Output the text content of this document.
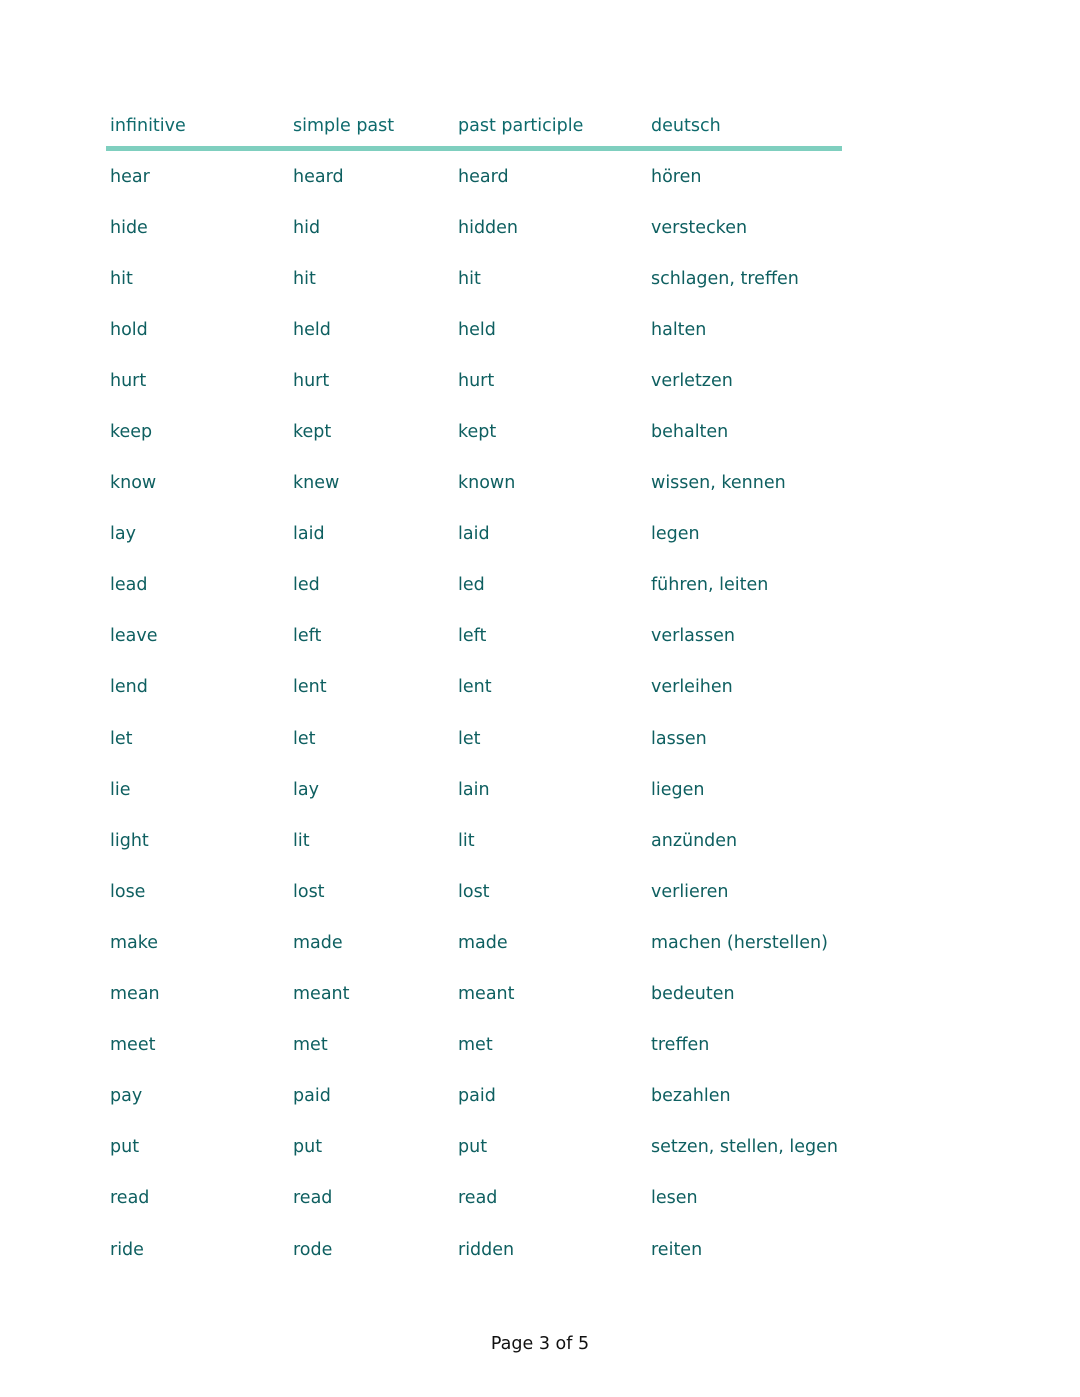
infinitive	simple past	past participle	deutsch
hear	heard	heard	hören
hide	hid	hidden	verstecken
hit	hit	hit	schlagen, treffen
hold	held	held	halten
hurt	hurt	hurt	verletzen
keep	kept	kept	behalten
know	knew	known	wissen, kennen
lay	laid	laid	legen
lead	led	led	führen, leiten
leave	left	left	verlassen
lend	lent	lent	verleihen
let	let	let	lassen
lie	lay	lain	liegen
light	lit	lit	anzünden
lose	lost	lost	verlieren
make	made	made	machen (herstellen)
mean	meant	meant	bedeuten
meet	met	met	treffen
pay	paid	paid	bezahlen
put	put	put	setzen, stellen, legen
read	read	read	lesen
ride	rode	ridden	reiten
Page 3 of 5
